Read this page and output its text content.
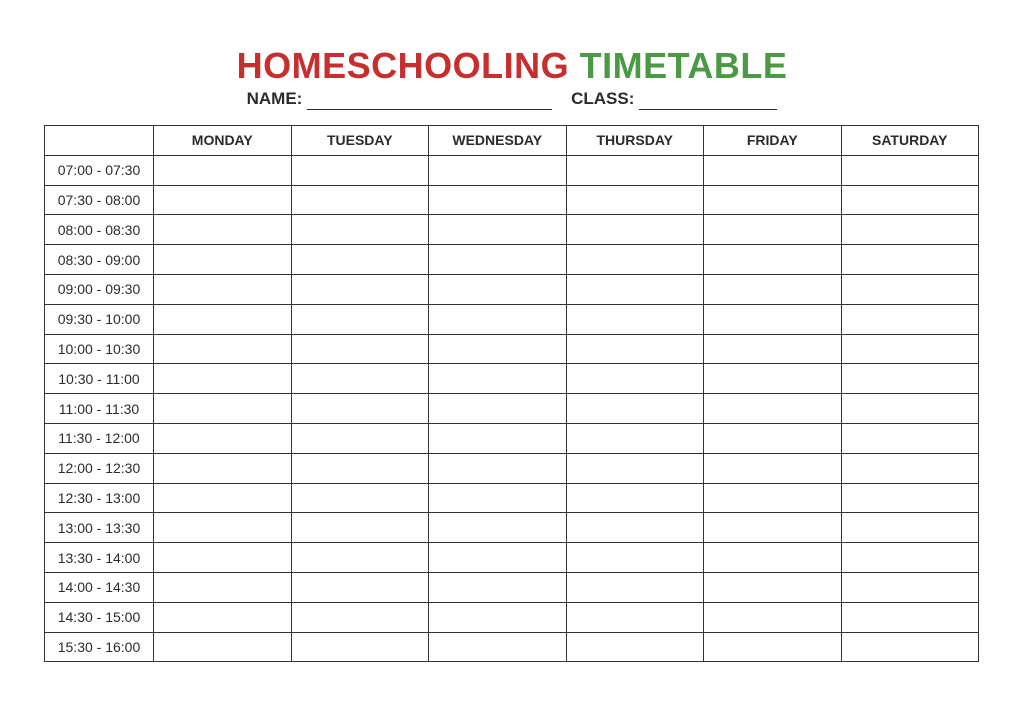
HOMESCHOOLING TIMETABLE
NAME:
	CLASS:
	MONDAY	TUESDAY	WEDNESDAY	THURSDAY	FRIDAY	SATURDAY
07:00 - 07:30						
07:30 - 08:00						
08:00 - 08:30						
08:30 - 09:00						
09:00 - 09:30						
09:30 - 10:00						
10:00 - 10:30						
10:30 - 11:00						
11:00 - 11:30						
11:30 - 12:00						
12:00 - 12:30						
12:30 - 13:00						
13:00 - 13:30						
13:30 - 14:00						
14:00 - 14:30						
14:30 - 15:00						
15:30 - 16:00						
